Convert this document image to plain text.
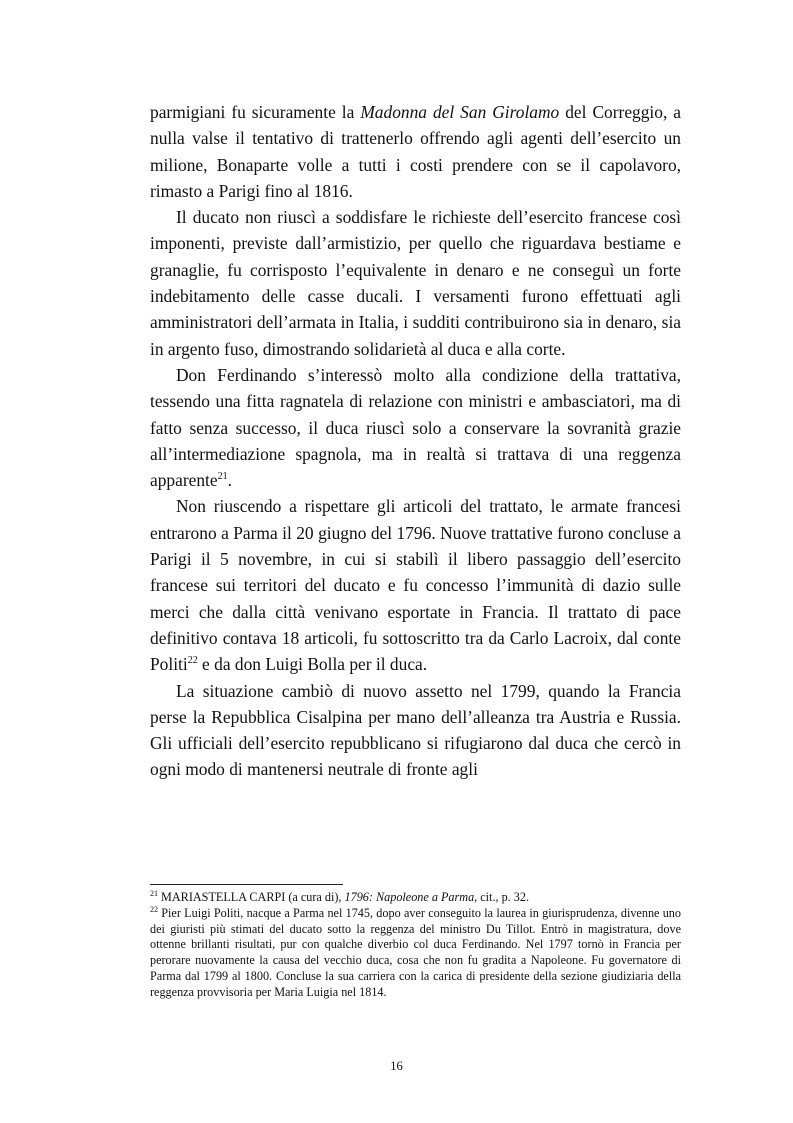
parmigiani fu sicuramente la Madonna del San Girolamo del Correggio, a nulla valse il tentativo di trattenerlo offrendo agli agenti dell’esercito un milione, Bonaparte volle a tutti i costi prendere con se il capolavoro, rimasto a Parigi fino al 1816.

Il ducato non riuscì a soddisfare le richieste dell’esercito francese così imponenti, previste dall’armistizio, per quello che riguardava bestiame e granaglie, fu corrisposto l’equivalente in denaro e ne conseguì un forte indebitamento delle casse ducali. I versamenti furono effettuati agli amministratori dell’armata in Italia, i sudditi contribuirono sia in denaro, sia in argento fuso, dimostrando solidarietà al duca e alla corte.

Don Ferdinando s’interessò molto alla condizione della trattativa, tessendo una fitta ragnatela di relazione con ministri e ambasciatori, ma di fatto senza successo, il duca riuscì solo a conservare la sovranità grazie all’intermediazione spagnola, ma in realtà si trattava di una reggenza apparente$^{21}$.

Non riuscendo a rispettare gli articoli del trattato, le armate francesi entrarono a Parma il 20 giugno del 1796. Nuove trattative furono concluse a Parigi il 5 novembre, in cui si stabilì il libero passaggio dell’esercito francese sui territori del ducato e fu concesso l’immunità di dazio sulle merci che dalla città venivano esportate in Francia. Il trattato di pace definitivo contava 18 articoli, fu sottoscritto tra da Carlo Lacroix, dal conte Politi$^{22}$ e da don Luigi Bolla per il duca.

La situazione cambiò di nuovo assetto nel 1799, quando la Francia perse la Repubblica Cisalpina per mano dell’alleanza tra Austria e Russia. Gli ufficiali dell’esercito repubblicano si rifugiarono dal duca che cercò in ogni modo di mantenersi neutrale di fronte agli

$^{21}$ MARIASTELLA CARPI (a cura di), 1796: Napoleone a Parma, cit., p. 32.

$^{22}$ Pier Luigi Politi, nacque a Parma nel 1745, dopo aver conseguito la laurea in giurisprudenza, divenne uno dei giuristi più stimati del ducato sotto la reggenza del ministro Du Tillot. Entrò in magistratura, dove ottenne brillanti risultati, pur con qualche diverbio col duca Ferdinando. Nel 1797 tornò in Francia per perorare nuovamente la causa del vecchio duca, cosa che non fu gradita a Napoleone. Fu governatore di Parma dal 1799 al 1800. Concluse la sua carriera con la carica di presidente della sezione giudiziaria della reggenza provvisoria per Maria Luigia nel 1814.

16
